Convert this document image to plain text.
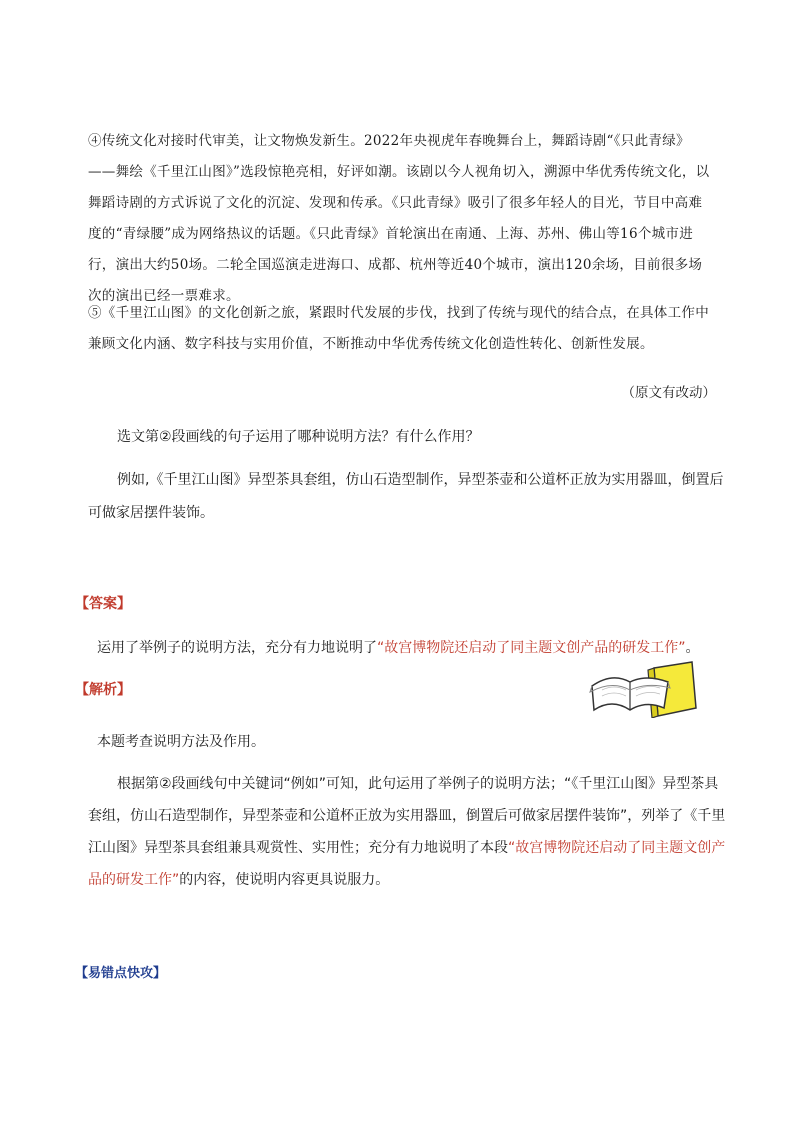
④传统文化对接时代审美，让文物焕发新生。2022年央视虎年春晚舞台上，舞蹈诗剧“《只此青绿》——舞绘《千里江山图》”选段惊艳亮相，好评如潮。该剧以今人视角切入，溯源中华优秀传统文化，以舞蹈诗剧的方式诉说了文化的沉淀、发现和传承。《只此青绿》吸引了很多年轻人的目光，节目中高难度的“青绿腰”成为网络热议的话题。《只此青绿》首轮演出在南通、上海、苏州、佛山等16个城市进行，演出大约50场。二轮全国巡演走进海口、成都、杭州等近40个城市，演出120余场，目前很多场次的演出已经一票难求。

⑤《千里江山图》的文化创新之旅，紧跟时代发展的步伐，找到了传统与现代的结合点，在具体工作中兼顾文化内涵、数字科技与实用价值，不断推动中华优秀传统文化创造性转化、创新性发展。

（原文有改动）
选文第②段画线的句子运用了哪种说明方法？有什么作用？
例如,《千里江山图》异型茶具套组，仿山石造型制作，异型茶壶和公道杯正放为实用器皿，倒置后可做家居摆件装饰。
【答案】
运用了举例子的说明方法，充分有力地说明了“故宫博物院还启动了同主题文创产品的研发工作”。
【解析】
本题考查说明方法及作用。
根据第②段画线句中关键词“例如”可知，此句运用了举例子的说明方法；“《千里江山图》异型茶具套组，仿山石造型制作，异型茶壶和公道杯正放为实用器皿，倒置后可做家居摆件装饰”，列举了《千里江山图》异型茶具套组兼具观赏性、实用性；充分有力地说明了本段“故宫博物院还启动了同主题文创产品的研发工作”的内容，使说明内容更具说服力。
【易错点快攻】
